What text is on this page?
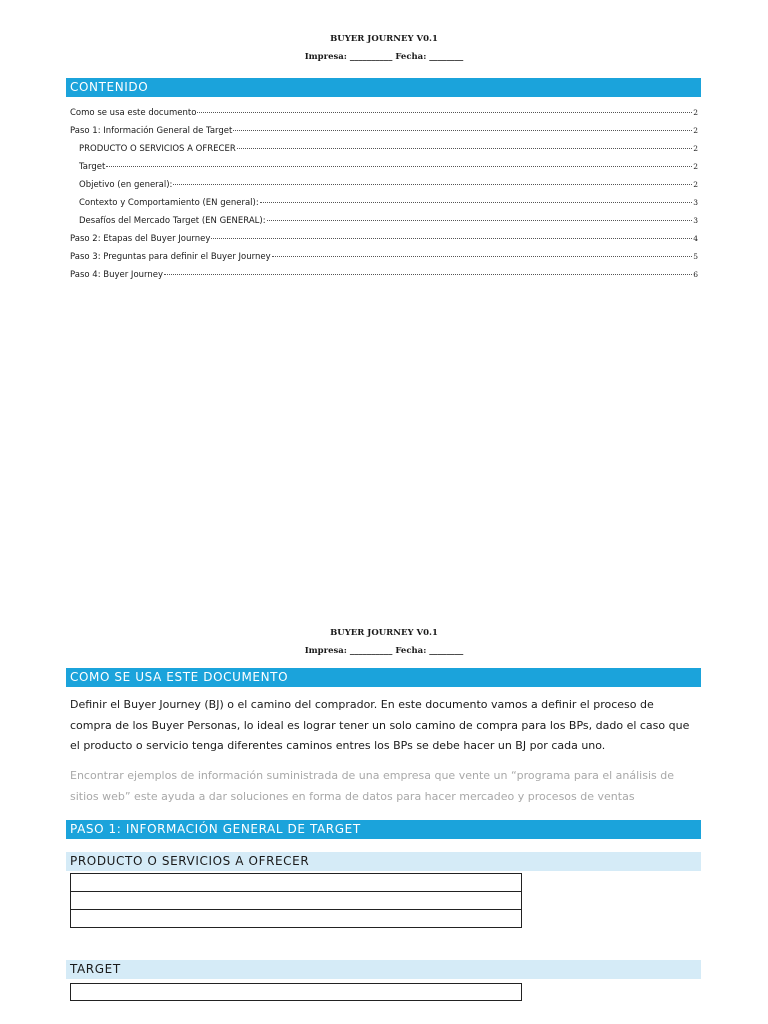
BUYER JOURNEY V0.1
Impresa: __________ Fecha: ________
CONTENIDO
Como se usa este documento	2
Paso 1: Información General de Target	2
PRODUCTO O SERVICIOS A OFRECER	2
Target	2
Objetivo (en general):	2
Contexto y Comportamiento (EN general):	3
Desafíos del Mercado Target (EN GENERAL):	3
Paso 2: Etapas del Buyer Journey	4
Paso 3: Preguntas para definir el Buyer Journey	5
Paso 4: Buyer Journey	6
BUYER JOURNEY V0.1
Impresa: __________ Fecha: ________
COMO SE USA ESTE DOCUMENTO
Definir el Buyer Journey (BJ) o el camino del comprador. En este documento vamos a definir el proceso de compra de los Buyer Personas, lo ideal es lograr tener un solo camino de compra para los BPs, dado el caso que el producto o servicio tenga diferentes caminos entres los BPs se debe hacer un BJ por cada uno.
Encontrar ejemplos de información suministrada de una empresa que vente un “programa para el análisis de sitios web” este ayuda a dar soluciones en forma de datos para hacer mercadeo y procesos de ventas
PASO 1: INFORMACIÓN GENERAL DE TARGET
PRODUCTO O SERVICIOS A OFRECER
TARGET
